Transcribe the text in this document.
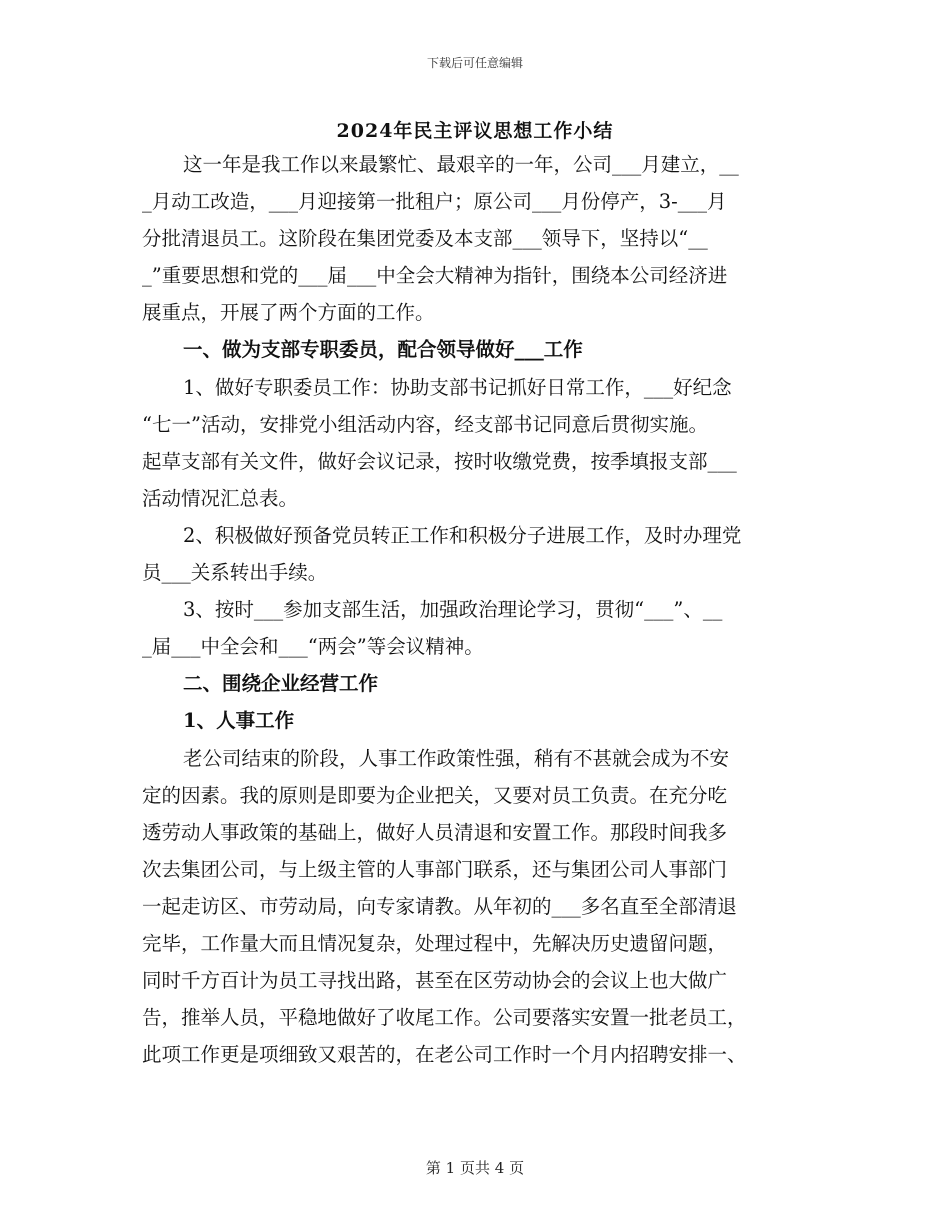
下载后可任意编辑
2024年民主评议思想工作小结
这一年是我工作以来最繁忙、最艰辛的一年，公司___月建立，__
_月动工改造，___月迎接第一批租户；原公司___月份停产，3-___月
分批清退员工。这阶段在集团党委及本支部___领导下，坚持以“__
_”重要思想和党的___届___中全会大精神为指针，围绕本公司经济进
展重点，开展了两个方面的工作。
一、做为支部专职委员，配合领导做好___工作
1、做好专职委员工作：协助支部书记抓好日常工作，___好纪念
“七一”活动，安排党小组活动内容，经支部书记同意后贯彻实施。
起草支部有关文件，做好会议记录，按时收缴党费，按季填报支部___
活动情况汇总表。
2、积极做好预备党员转正工作和积极分子进展工作，及时办理党
员___关系转出手续。
3、按时___参加支部生活，加强政治理论学习，贯彻“___”、__
_届___中全会和___“两会”等会议精神。
二、围绕企业经营工作
1、人事工作
老公司结束的阶段，人事工作政策性强，稍有不甚就会成为不安
定的因素。我的原则是即要为企业把关，又要对员工负责。在充分吃
透劳动人事政策的基础上，做好人员清退和安置工作。那段时间我多
次去集团公司，与上级主管的人事部门联系，还与集团公司人事部门
一起走访区、市劳动局，向专家请教。从年初的___多名直至全部清退
完毕，工作量大而且情况复杂，处理过程中，先解决历史遗留问题，
同时千方百计为员工寻找出路，甚至在区劳动协会的会议上也大做广
告，推举人员，平稳地做好了收尾工作。公司要落实安置一批老员工，
此项工作更是项细致又艰苦的，在老公司工作时一个月内招聘安排一、
第 1 页共 4 页
